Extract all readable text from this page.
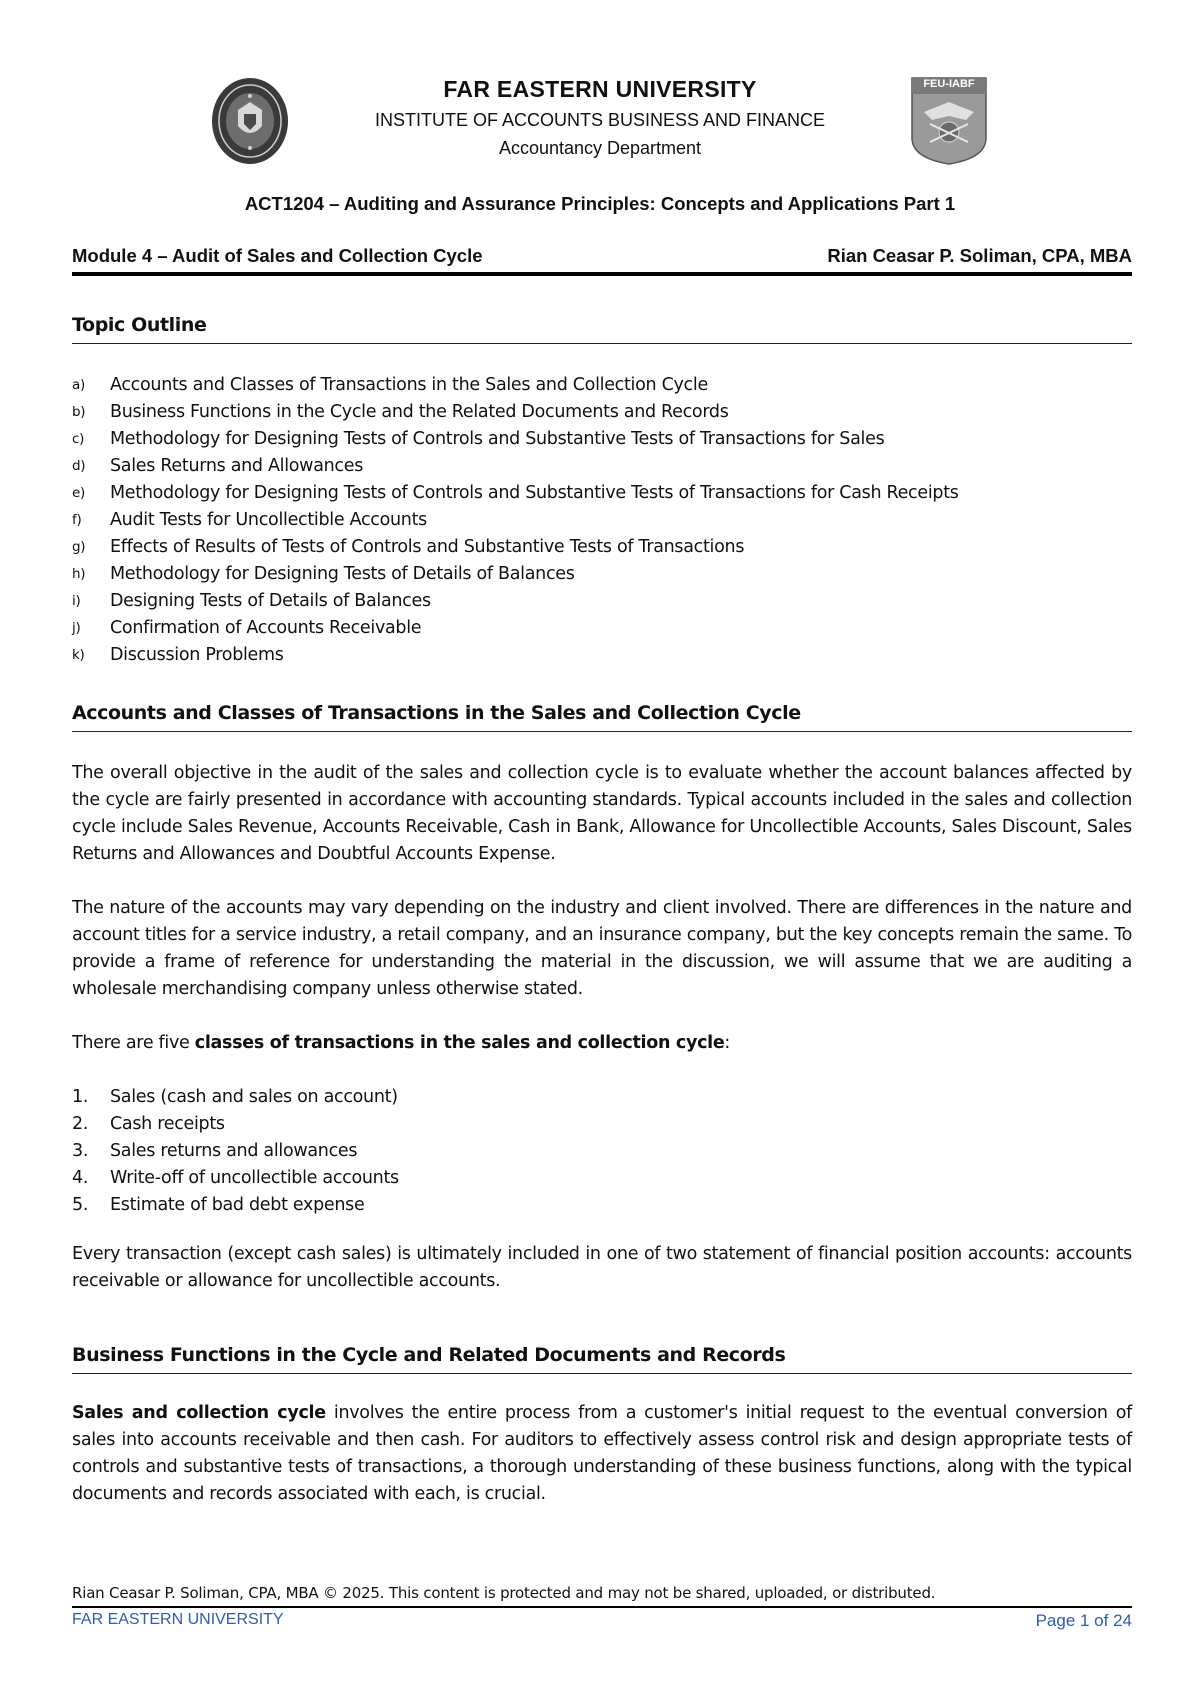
FEU-IABF
FAR EASTERN UNIVERSITY
INSTITUTE OF ACCOUNTS BUSINESS AND FINANCE
Accountancy Department
ACT1204 – Auditing and Assurance Principles: Concepts and Applications Part 1
Module 4 – Audit of Sales and Collection Cycle	Rian Ceasar P. Soliman, CPA, MBA
Topic Outline
a) Accounts and Classes of Transactions in the Sales and Collection Cycle
b) Business Functions in the Cycle and the Related Documents and Records
c) Methodology for Designing Tests of Controls and Substantive Tests of Transactions for Sales
d) Sales Returns and Allowances
e) Methodology for Designing Tests of Controls and Substantive Tests of Transactions for Cash Receipts
f) Audit Tests for Uncollectible Accounts
g) Effects of Results of Tests of Controls and Substantive Tests of Transactions
h) Methodology for Designing Tests of Details of Balances
i) Designing Tests of Details of Balances
j) Confirmation of Accounts Receivable
k) Discussion Problems
Accounts and Classes of Transactions in the Sales and Collection Cycle

The overall objective in the audit of the sales and collection cycle is to evaluate whether the account balances affected by the cycle are fairly presented in accordance with accounting standards. Typical accounts included in the sales and collection cycle include Sales Revenue, Accounts Receivable, Cash in Bank, Allowance for Uncollectible Accounts, Sales Discount, Sales Returns and Allowances and Doubtful Accounts Expense.

The nature of the accounts may vary depending on the industry and client involved. There are differences in the nature and account titles for a service industry, a retail company, and an insurance company, but the key concepts remain the same. To provide a frame of reference for understanding the material in the discussion, we will assume that we are auditing a wholesale merchandising company unless otherwise stated.

There are five classes of transactions in the sales and collection cycle:

1. Sales (cash and sales on account)
2. Cash receipts
3. Sales returns and allowances
4. Write-off of uncollectible accounts
5. Estimate of bad debt expense

Every transaction (except cash sales) is ultimately included in one of two statement of financial position accounts: accounts receivable or allowance for uncollectible accounts.

Business Functions in the Cycle and Related Documents and Records

Sales and collection cycle involves the entire process from a customer's initial request to the eventual conversion of sales into accounts receivable and then cash. For auditors to effectively assess control risk and design appropriate tests of controls and substantive tests of transactions, a thorough understanding of these business functions, along with the typical documents and records associated with each, is crucial.

Rian Ceasar P. Soliman, CPA, MBA © 2025. This content is protected and may not be shared, uploaded, or distributed.
FAR EASTERN UNIVERSITY	Page 1 of 24
